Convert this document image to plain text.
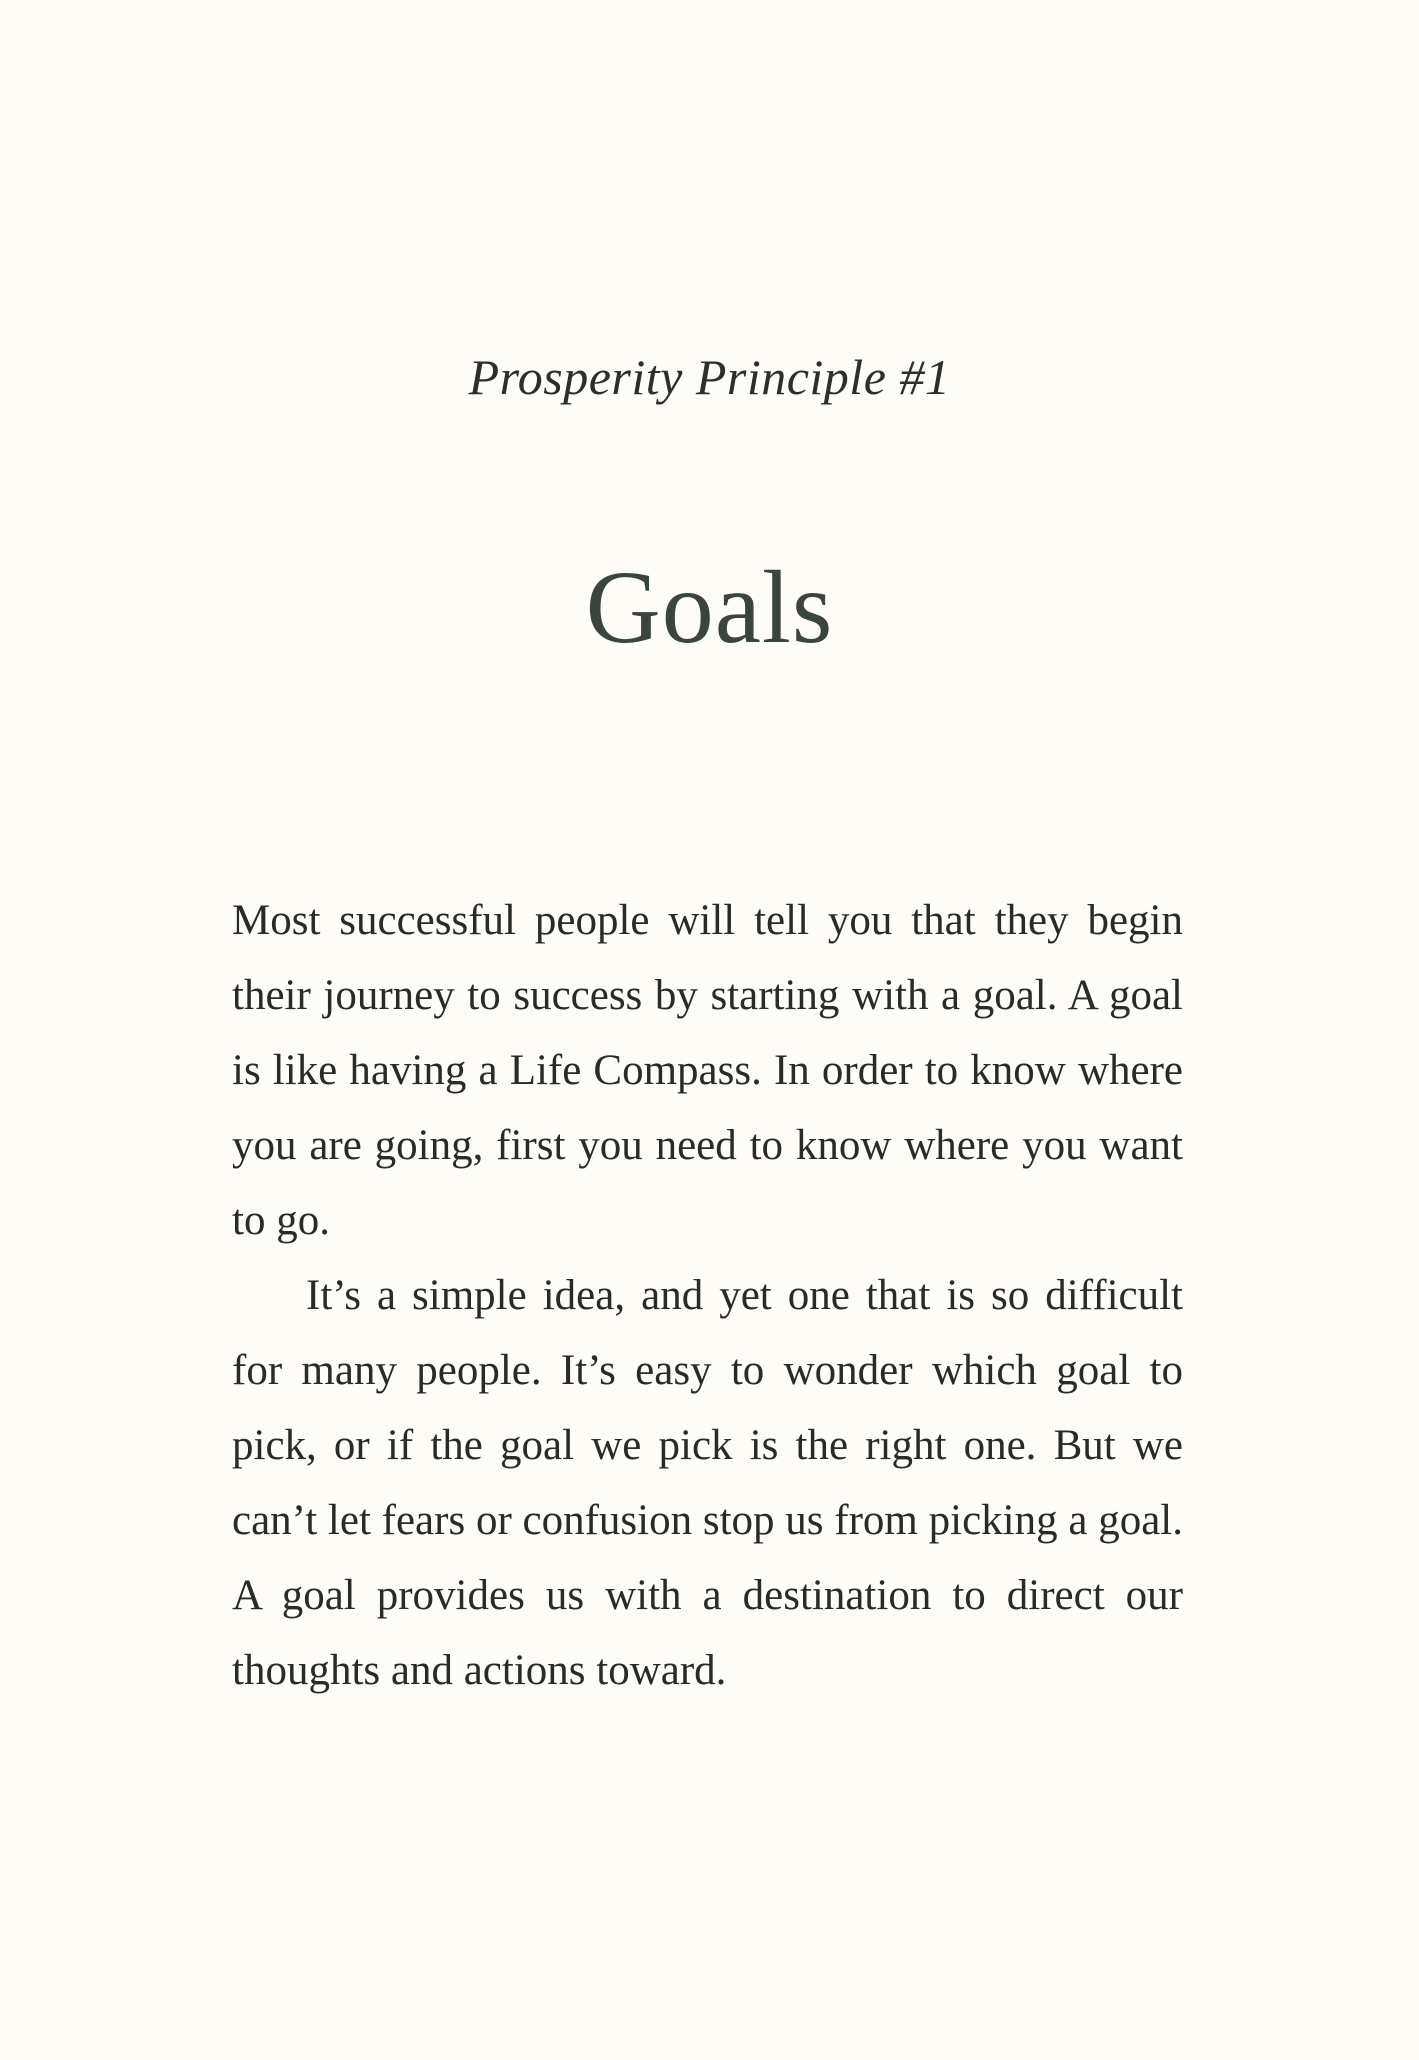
Prosperity Principle #1
Goals

Most successful people will tell you that they begin their journey to success by starting with a goal. A goal is like having a Life Compass. In order to know where you are going, first you need to know where you want to go.

It’s a simple idea, and yet one that is so difficult for many people. It’s easy to wonder which goal to pick, or if the goal we pick is the right one. But we can’t let fears or confusion stop us from picking a goal. A goal provides us with a destination to direct our thoughts and actions toward.
